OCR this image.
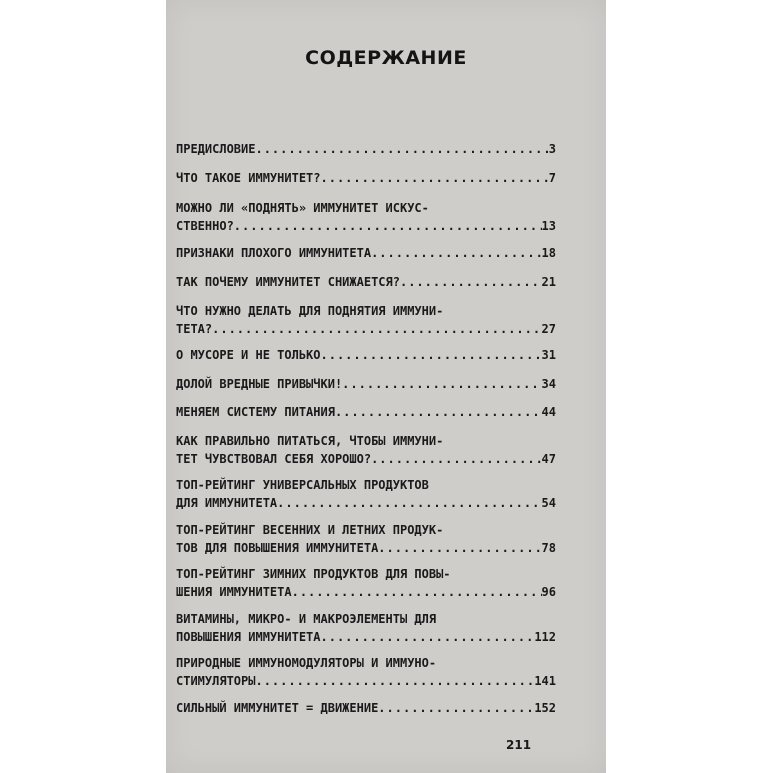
СОДЕРЖАНИЕ
ПРЕДИСЛОВИЕ .....	3
ЧТО ТАКОЕ ИММУНИТЕТ? .....	7
МОЖНО ЛИ «ПОДНЯТЬ» ИММУНИТЕТ ИСКУС-
СТВЕННО? .....	13
ПРИЗНАКИ ПЛОХОГО ИММУНИТЕТА .....	18
ТАК ПОЧЕМУ ИММУНИТЕТ СНИЖАЕТСЯ? .....	21
ЧТО НУЖНО ДЕЛАТЬ ДЛЯ ПОДНЯТИЯ ИММУНИ-
ТЕТА? .....	27
О МУСОРЕ И НЕ ТОЛЬКО .....	31
ДОЛОЙ ВРЕДНЫЕ ПРИВЫЧКИ! .....	34
МЕНЯЕМ СИСТЕМУ ПИТАНИЯ .....	44
КАК ПРАВИЛЬНО ПИТАТЬСЯ, ЧТОБЫ ИММУНИ-
ТЕТ ЧУВСТВОВАЛ СЕБЯ ХОРОШО? .....	47
ТОП-РЕЙТИНГ УНИВЕРСАЛЬНЫХ ПРОДУКТОВ
ДЛЯ ИММУНИТЕТА .....	54
ТОП-РЕЙТИНГ ВЕСЕННИХ И ЛЕТНИХ ПРОДУК-
ТОВ ДЛЯ ПОВЫШЕНИЯ ИММУНИТЕТА .....	78
ТОП-РЕЙТИНГ ЗИМНИХ ПРОДУКТОВ ДЛЯ ПОВЫ-
ШЕНИЯ ИММУНИТЕТА .....	96
ВИТАМИНЫ, МИКРО- И МАКРОЭЛЕМЕНТЫ ДЛЯ
ПОВЫШЕНИЯ ИММУНИТЕТА .....	112
ПРИРОДНЫЕ ИММУНОМОДУЛЯТОРЫ И ИММУНО-
СТИМУЛЯТОРЫ .....	141
СИЛЬНЫЙ ИММУНИТЕТ = ДВИЖЕНИЕ .....	152
211
